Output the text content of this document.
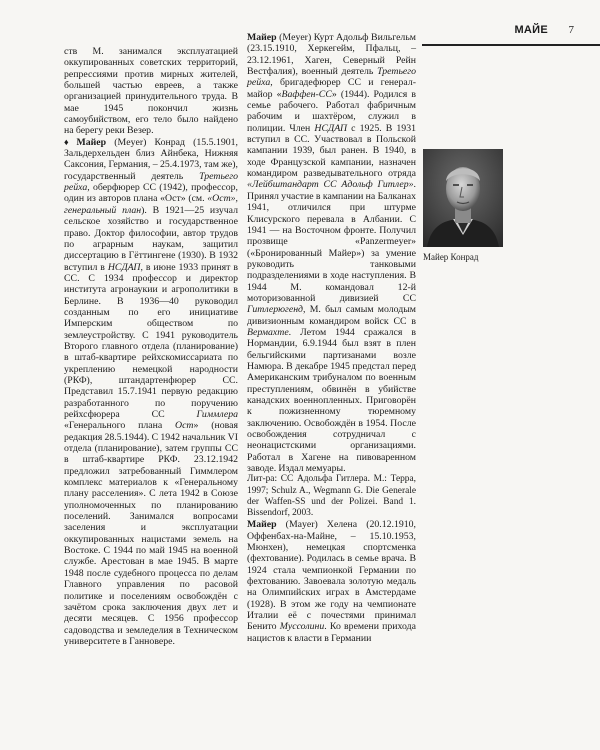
МАЙЕ 7

ств М. занимался эксплуатацией оккупированных советских территорий, репрессиями против мирных жителей, большей частью евреев, а также организацией принудительного труда. В мае 1945 покончил жизнь самоубийством, его тело было найдено на берегу реки Везер.

♦ Майер (Meyer) Конрад (15.5.1901, Зальдерхельден близ Айнбека, Нижняя Саксония, Германия, – 25.4.1973, там же), государственный деятель Третьего рейха, оберфюрер СС (1942), профессор, один из авторов плана «Ост» (см. «Ост», генеральный план). В 1921—25 изучал сельское хозяйство и государственное право. Доктор философии, автор трудов по аграрным наукам, защитил диссертацию в Гёттингене (1930). В 1932 вступил в НСДАП, в июне 1933 принят в СС. С 1934 профессор и директор института агронаукии и агрополитики в Берлине. В 1936—40 руководил созданным по его инициативе Имперским обществом по землеустройству. С 1941 руководитель Второго главного отдела (планирование) в штаб-квартире рейхскомиссариата по укреплению немецкой народности (РКФ), штандартенфюрер СС. Представил 15.7.1941 первую редакцию разработанного по поручению рейхсфюрера СС Гиммлера «Генерального плана Ост» (новая редакция 28.5.1944). С 1942 начальник VI отдела (планирование), затем группы СС в штаб-квартире РКФ. 23.12.1942 предложил затребованный Гиммлером комплекс материалов к «Генеральному плану расселения». С лета 1942 в Союзе уполномоченных по планированию поселений. Занимался вопросами заселения и эксплуатации оккупированных нацистами земель на Востоке. С 1944 по май 1945 на военной службе. Арестован в мае 1945. В марте 1948 после судебного процесса по делам Главного управления по расовой политике и поселениям освобождён с зачётом срока заключения двух лет и десяти месяцев. С 1956 профессор садоводства и земледелия в Техническом университете в Ганновере.

Майер (Meyer) Курт Адольф Вильгельм (23.15.1910, Херкегейм, Пфальц, – 23.12.1961, Хаген, Северный Рейн Вестфалия), военный деятель Третьего рейха, бригадефюрер СС и генерал-майор «Ваффен-СС» (1944). Родился в семье рабочего. Работал фабричным рабочим и шахтёром, служил в полиции. Член НСДАП с 1925. В 1931 вступил в СС. Участвовал в Польской кампании 1939, был ранен. В 1940, в ходе Французской кампании, назначен командиром разведывательного отряда «Лейбштандарт СС Адольф Гитлер». Принял участие в кампании на Балканах 1941, отличился при штурме Клисурского перевала в Албании. С 1941 — на Восточном фронте. Получил прозвище «Panzermeyer» («Бронированный Майер») за умение руководить танковыми подразделениями в ходе наступления. В 1944 М. командовал 12-й моторизованной дивизией СС Гитлерюгенд, М. был самым молодым дивизионным командиром войск СС в Вермахте. Летом 1944 сражался в Нормандии, 6.9.1944 был взят в плен бельгийскими партизанами возле Намюра. В декабре 1945 предстал перед Американским трибуналом по военным преступлениям, обвинён в убийстве канадских военнопленных. Приговорён к пожизненному тюремному заключению. Освобождён в 1954. После освобождения сотрудничал с неонацистскими организациями. Работал в Хагене на пивоваренном заводе. Издал мемуары.

Лит-ра: СС Адольфа Гитлера. М.: Терра, 1997; Schulz A., Wegmann G. Die Generale der Waffen-SS und der Polizei. Band 1. Bissendorf, 2003.

Майер (Mayer) Хелена (20.12.1910, Оффенбах-на-Майне, – 15.10.1953, Мюнхен), немецкая спортсменка (фехтование). Родилась в семье врача. В 1924 стала чемпионкой Германии по фехтованию. Завоевала золотую медаль на Олимпийских играх в Амстердаме (1928). В этом же году на чемпионате Италии её с почестями принимал Бенито Муссолини. Ко времени прихода нацистов к власти в Германии

Майер Конрад
